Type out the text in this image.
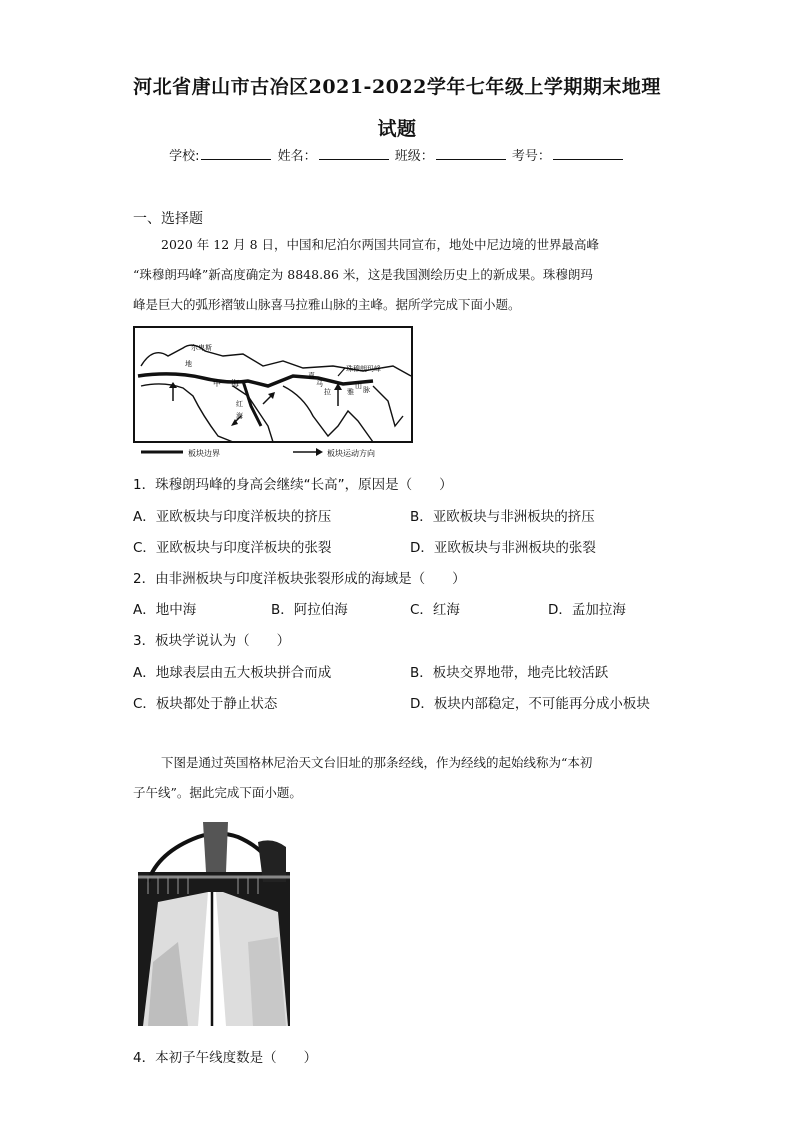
河北省唐山市古冶区2021-2022学年七年级上学期期末地理
试题
学校:	姓名：	班级：	考号：
一、选择题
2020 年 12 月 8 日，中国和尼泊尔两国共同宣布，地处中尼边境的世界最高峰
“珠穆朗玛峰”新高度确定为 8848.86 米，这是我国测绘历史上的新成果。珠穆朗玛
峰是巨大的弧形褶皱山脉喜马拉雅山脉的主峰。据所学完成下面小题。
尔卑斯
地
中 海
红
海
喜
马
拉 雅
山 脉
珠穆朗玛峰
板块边界	板块运动方向
1．珠穆朗玛峰的身高会继续“长高”，原因是（　　）
A．亚欧板块与印度洋板块的挤压	B．亚欧板块与非洲板块的挤压
C．亚欧板块与印度洋板块的张裂	D．亚欧板块与非洲板块的张裂
2．由非洲板块与印度洋板块张裂形成的海域是（　　）
A．地中海	B．阿拉伯海	C．红海	D．孟加拉海
3．板块学说认为（　　）
A．地球表层由五大板块拼合而成	B．板块交界地带，地壳比较活跃
C．板块都处于静止状态	D．板块内部稳定，不可能再分成小板块
下图是通过英国格林尼治天文台旧址的那条经线，作为经线的起始线称为“本初
子午线”。据此完成下面小题。
4．本初子午线度数是（　　）
